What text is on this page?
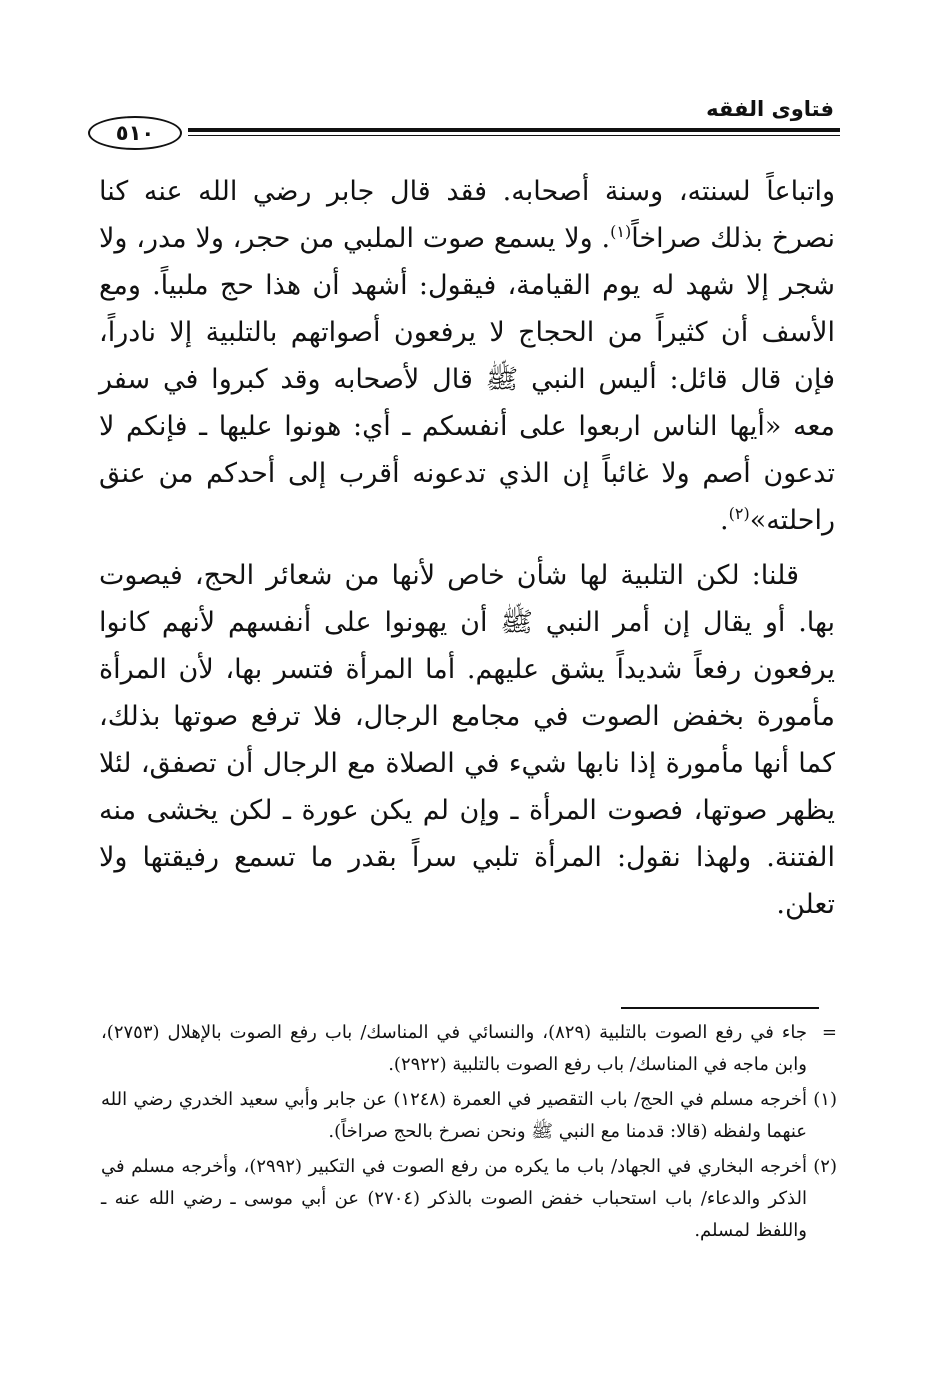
فتاوى الفقه
٥١٠

واتباعاً لسنته، وسنة أصحابه. فقد قال جابر رضي الله عنه كنا نصرخ بذلك صراخاً$^{(١)}$. ولا يسمع صوت الملبي من حجر، ولا مدر، ولا شجر إلا شهد له يوم القيامة، فيقول: أشهد أن هذا حج ملبياً. ومع الأسف أن كثيراً من الحجاج لا يرفعون أصواتهم بالتلبية إلا نادراً، فإن قال قائل: أليس النبي ﷺ قال لأصحابه وقد كبروا في سفر معه «أيها الناس اربعوا على أنفسكم ـ أي: هونوا عليها ـ فإنكم لا تدعون أصم ولا غائباً إن الذي تدعونه أقرب إلى أحدكم من عنق راحلته»$^{(٢)}$.

قلنا: لكن التلبية لها شأن خاص لأنها من شعائر الحج، فيصوت بها. أو يقال إن أمر النبي ﷺ أن يهونوا على أنفسهم لأنهم كانوا يرفعون رفعاً شديداً يشق عليهم. أما المرأة فتسر بها، لأن المرأة مأمورة بخفض الصوت في مجامع الرجال، فلا ترفع صوتها بذلك، كما أنها مأمورة إذا نابها شيء في الصلاة مع الرجال أن تصفق، لئلا يظهر صوتها، فصوت المرأة ـ وإن لم يكن عورة ـ لكن يخشى منه الفتنة. ولهذا نقول: المرأة تلبي سراً بقدر ما تسمع رفيقتها ولا تعلن.

=
جاء في رفع الصوت بالتلبية (٨٢٩)، والنسائي في المناسك/ باب رفع الصوت بالإهلال (٢٧٥٣)، وابن ماجه في المناسك/ باب رفع الصوت بالتلبية (٢٩٢٢).

(١)
أخرجه مسلم في الحج/ باب التقصير في العمرة (١٢٤٨) عن جابر وأبي سعيد الخدري رضي الله عنهما ولفظه (قالا: قدمنا مع النبي ﷺ ونحن نصرخ بالحج صراخاً).

(٢)
أخرجه البخاري في الجهاد/ باب ما يكره من رفع الصوت في التكبير (٢٩٩٢)، وأخرجه مسلم في الذكر والدعاء/ باب استحباب خفض الصوت بالذكر (٢٧٠٤) عن أبي موسى ـ رضي الله عنه ـ واللفظ لمسلم.
